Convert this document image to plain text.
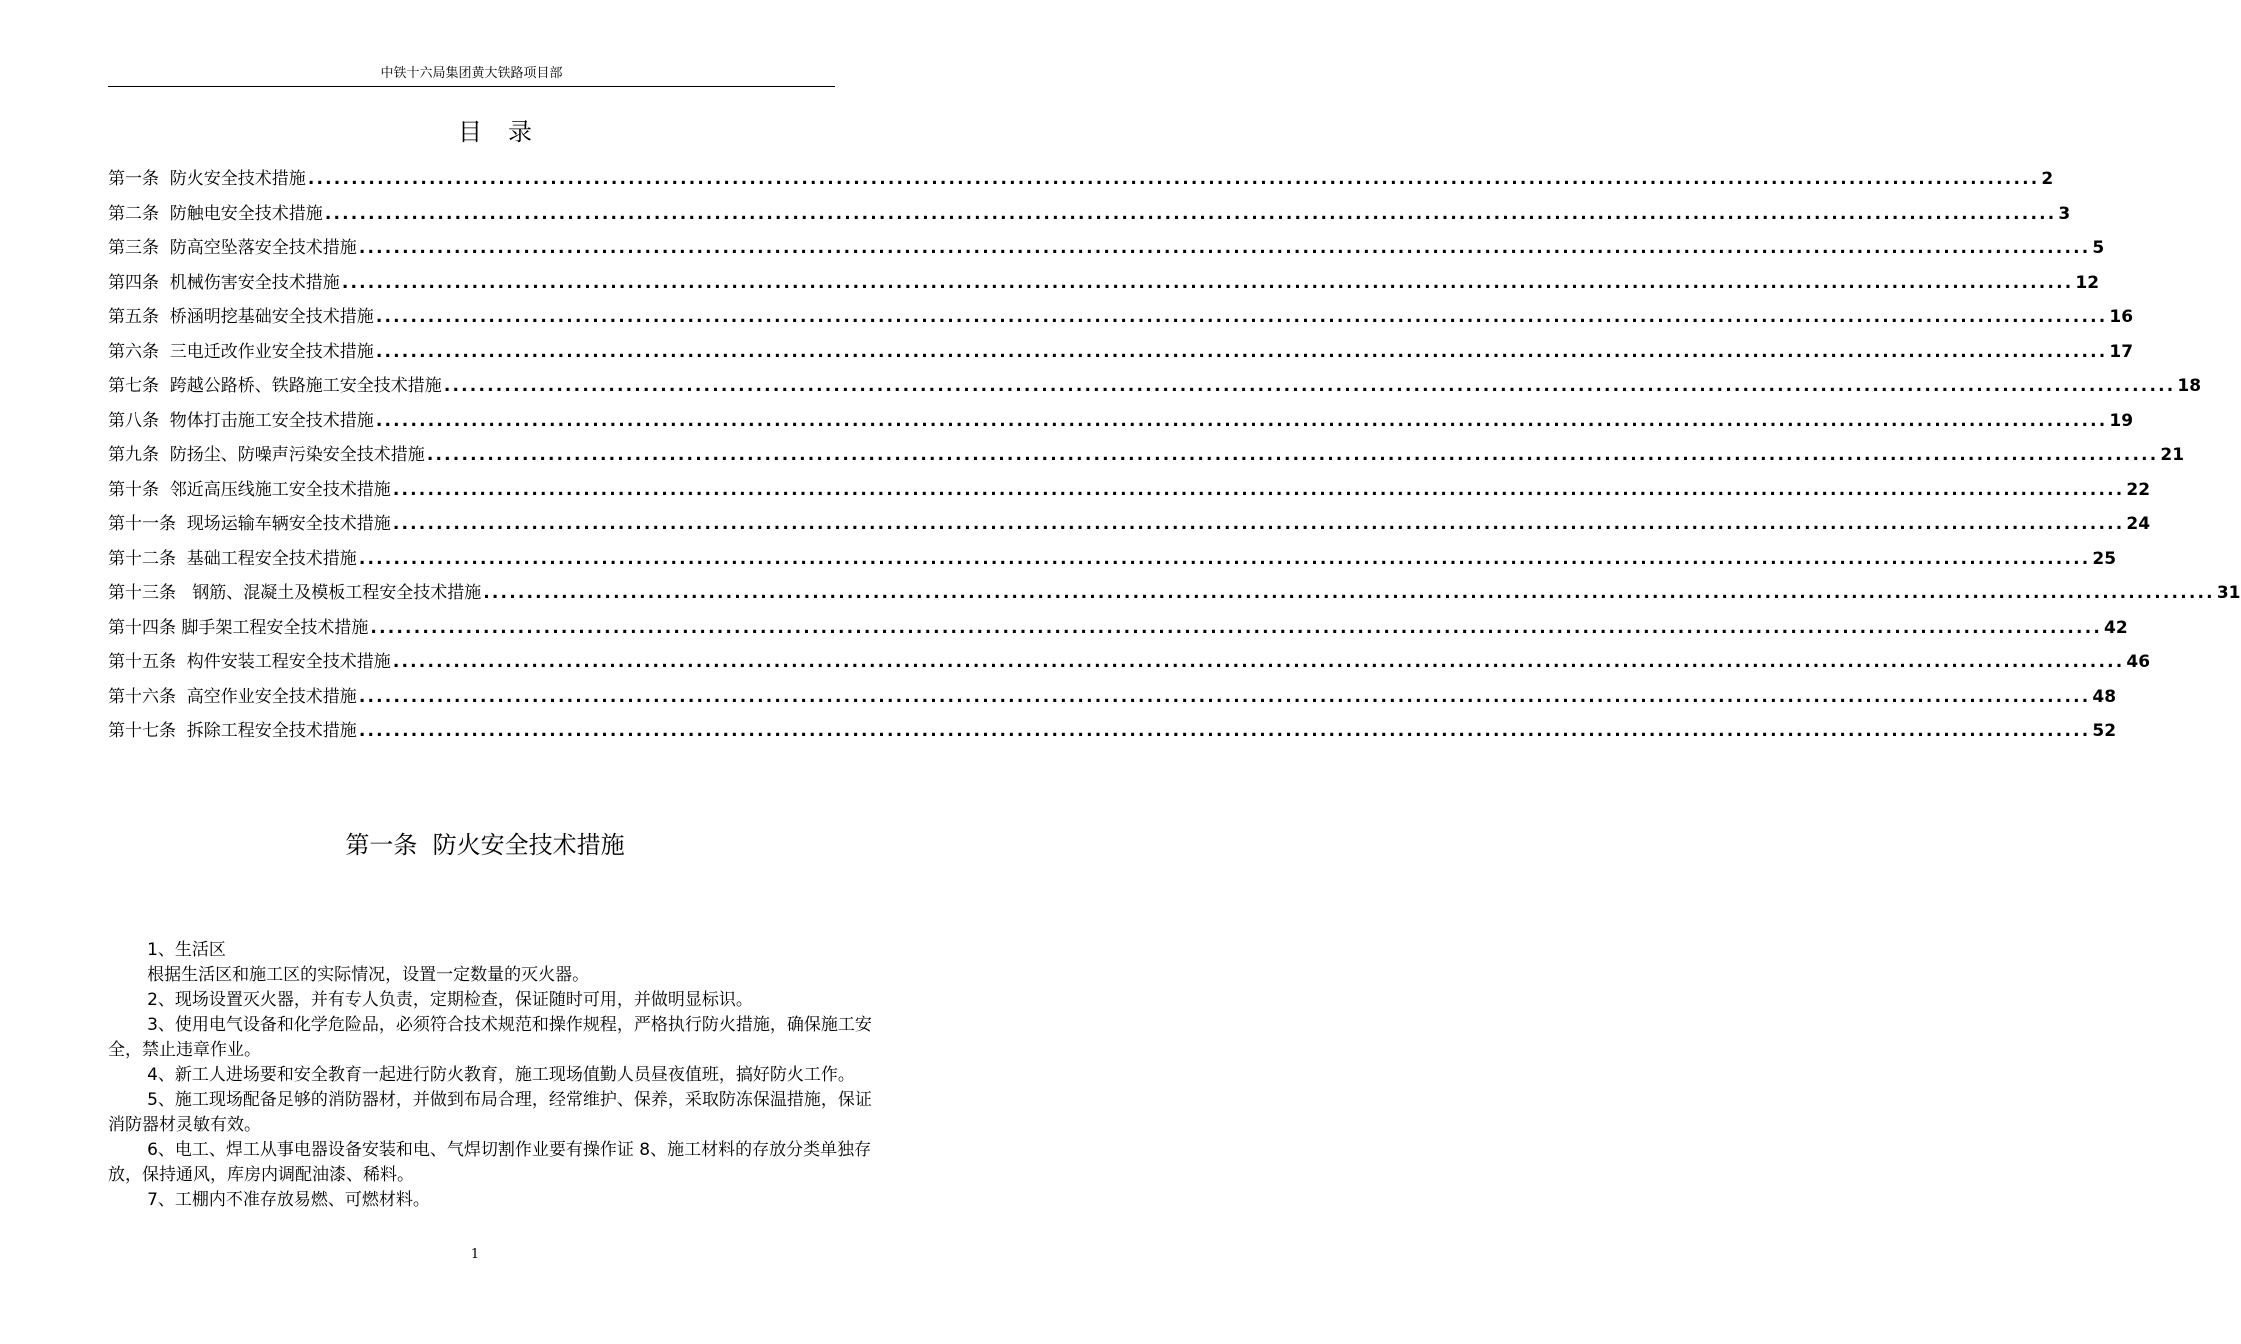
中铁十六局集团黄大铁路项目部
目录
第一条  防火安全技术措施 ........................................................................................................................................................................................................ 2
第二条  防触电安全技术措施 ........................................................................................................................................................................................................ 3
第三条  防高空坠落安全技术措施 ........................................................................................................................................................................................................ 5
第四条  机械伤害安全技术措施 ........................................................................................................................................................................................................ 12
第五条  桥涵明挖基础安全技术措施 ........................................................................................................................................................................................................ 16
第六条  三电迁改作业安全技术措施 ........................................................................................................................................................................................................ 17
第七条  跨越公路桥、铁路施工安全技术措施 ........................................................................................................................................................................................................ 18
第八条  物体打击施工安全技术措施 ........................................................................................................................................................................................................ 19
第九条  防扬尘、防噪声污染安全技术措施 ........................................................................................................................................................................................................ 21
第十条  邻近高压线施工安全技术措施 ........................................................................................................................................................................................................ 22
第十一条  现场运输车辆安全技术措施 ........................................................................................................................................................................................................ 24
第十二条  基础工程安全技术措施 ........................................................................................................................................................................................................ 25
第十三条   钢筋、混凝土及模板工程安全技术措施 ........................................................................................................................................................................................................ 31
第十四条 脚手架工程安全技术措施 ........................................................................................................................................................................................................ 42
第十五条  构件安装工程安全技术措施 ........................................................................................................................................................................................................ 46
第十六条  高空作业安全技术措施 ........................................................................................................................................................................................................ 48
第十七条  拆除工程安全技术措施 ........................................................................................................................................................................................................ 52
第一条  防火安全技术措施

1、生活区

根据生活区和施工区的实际情况，设置一定数量的灭火器。

2、现场设置灭火器，并有专人负责，定期检查，保证随时可用，并做明显标识。

3、使用电气设备和化学危险品，必须符合技术规范和操作规程，严格执行防火措施，确保施工安全，禁止违章作业。

4、新工人进场要和安全教育一起进行防火教育，施工现场值勤人员昼夜值班，搞好防火工作。

5、施工现场配备足够的消防器材，并做到布局合理，经常维护、保养，采取防冻保温措施，保证消防器材灵敏有效。

6、电工、焊工从事电器设备安装和电、气焊切割作业要有操作证 8、施工材料的存放分类单独存放，保持通风，库房内调配油漆、稀料。

7、工棚内不准存放易燃、可燃材料。

1
